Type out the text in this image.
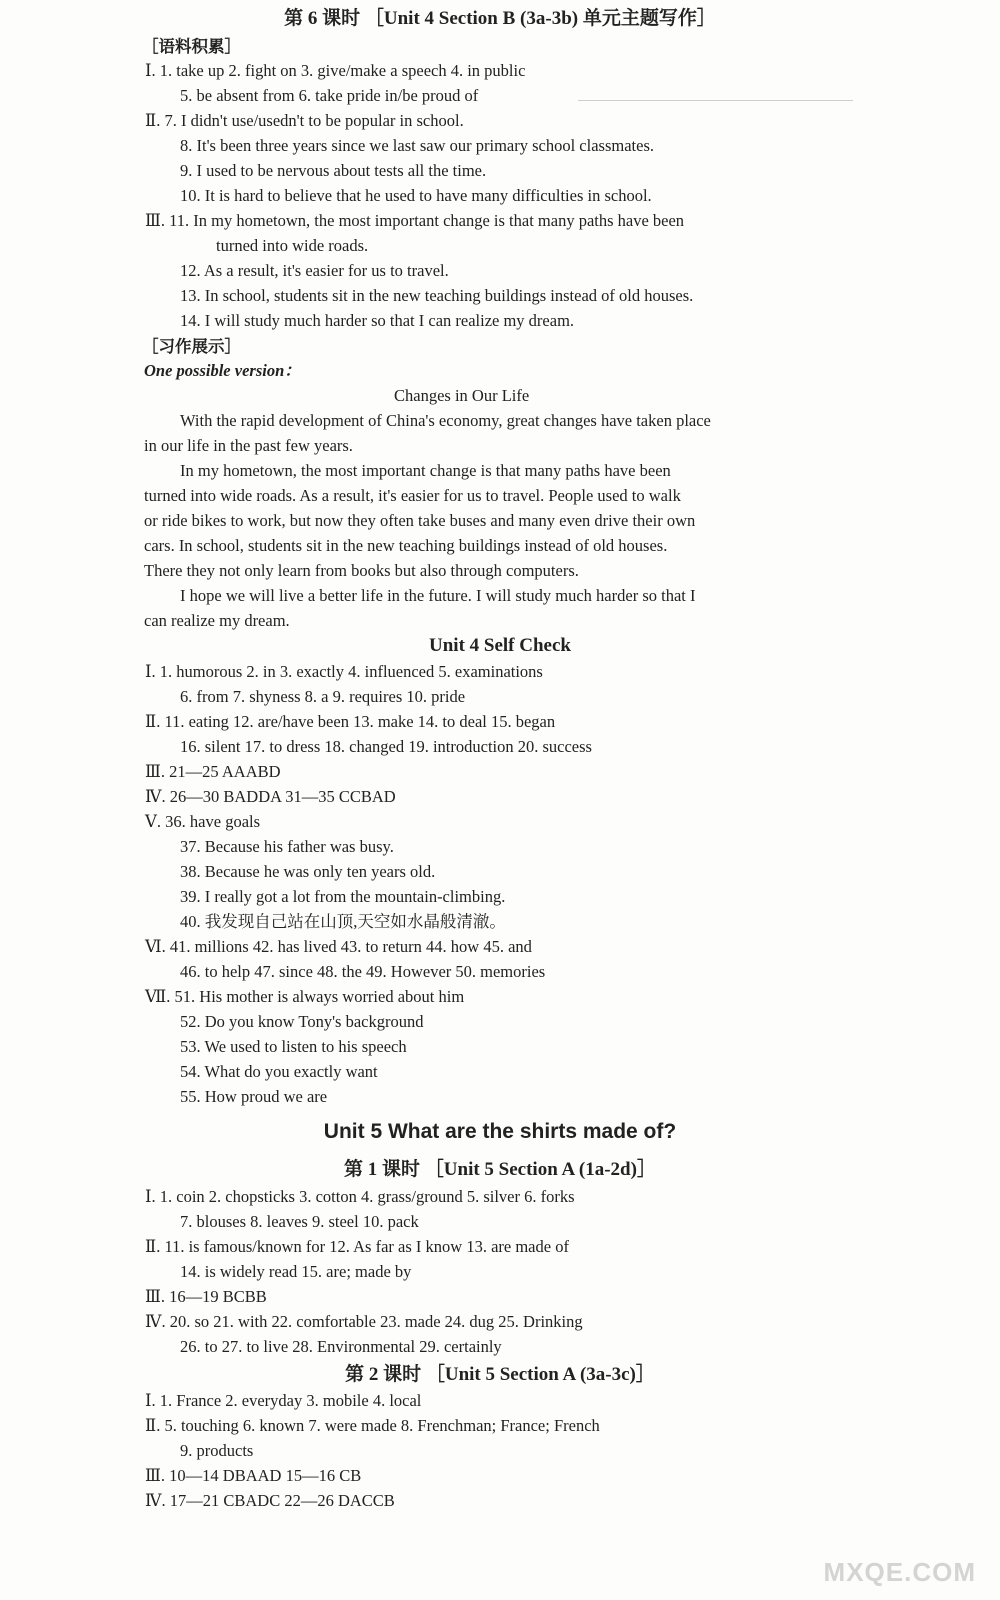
第 6 课时 ［Unit 4 Section B (3a-3b) 单元主题写作］
［语料积累］
Ⅰ. 1. take up 2. fight on 3. give/make a speech 4. in public
5. be absent from 6. take pride in/be proud of
Ⅱ. 7. I didn't use/usedn't to be popular in school.
8. It's been three years since we last saw our primary school classmates.
9. I used to be nervous about tests all the time.
10. It is hard to believe that he used to have many difficulties in school.
Ⅲ. 11. In my hometown, the most important change is that many paths have been
turned into wide roads.
12. As a result, it's easier for us to travel.
13. In school, students sit in the new teaching buildings instead of old houses.
14. I will study much harder so that I can realize my dream.
［习作展示］
One possible version：
Changes in Our Life
With the rapid development of China's economy, great changes have taken place
in our life in the past few years.
In my hometown, the most important change is that many paths have been
turned into wide roads. As a result, it's easier for us to travel. People used to walk
or ride bikes to work, but now they often take buses and many even drive their own
cars. In school, students sit in the new teaching buildings instead of old houses.
There they not only learn from books but also through computers.
I hope we will live a better life in the future. I will study much harder so that I
can realize my dream.
Unit 4 Self Check
Ⅰ. 1. humorous 2. in 3. exactly 4. influenced 5. examinations
6. from 7. shyness 8. a 9. requires 10. pride
Ⅱ. 11. eating 12. are/have been 13. make 14. to deal 15. began
16. silent 17. to dress 18. changed 19. introduction 20. success
Ⅲ. 21—25 AAABD
Ⅳ. 26—30 BADDA 31—35 CCBAD
Ⅴ. 36. have goals
37. Because his father was busy.
38. Because he was only ten years old.
39. I really got a lot from the mountain-climbing.
40. 我发现自己站在山顶,天空如水晶般清澈。
Ⅵ. 41. millions 42. has lived 43. to return 44. how 45. and
46. to help 47. since 48. the 49. However 50. memories
Ⅶ. 51. His mother is always worried about him
52. Do you know Tony's background
53. We used to listen to his speech
54. What do you exactly want
55. How proud we are
Unit 5 What are the shirts made of?
第 1 课时 ［Unit 5 Section A (1a-2d)］
Ⅰ. 1. coin 2. chopsticks 3. cotton 4. grass/ground 5. silver 6. forks
7. blouses 8. leaves 9. steel 10. pack
Ⅱ. 11. is famous/known for 12. As far as I know 13. are made of
14. is widely read 15. are; made by
Ⅲ. 16—19 BCBB
Ⅳ. 20. so 21. with 22. comfortable 23. made 24. dug 25. Drinking
26. to 27. to live 28. Environmental 29. certainly
第 2 课时 ［Unit 5 Section A (3a-3c)］
Ⅰ. 1. France 2. everyday 3. mobile 4. local
Ⅱ. 5. touching 6. known 7. were made 8. Frenchman; France; French
9. products
Ⅲ. 10—14 DBAAD 15—16 CB
Ⅳ. 17—21 CBADC 22—26 DACCB
MXQE.COM
